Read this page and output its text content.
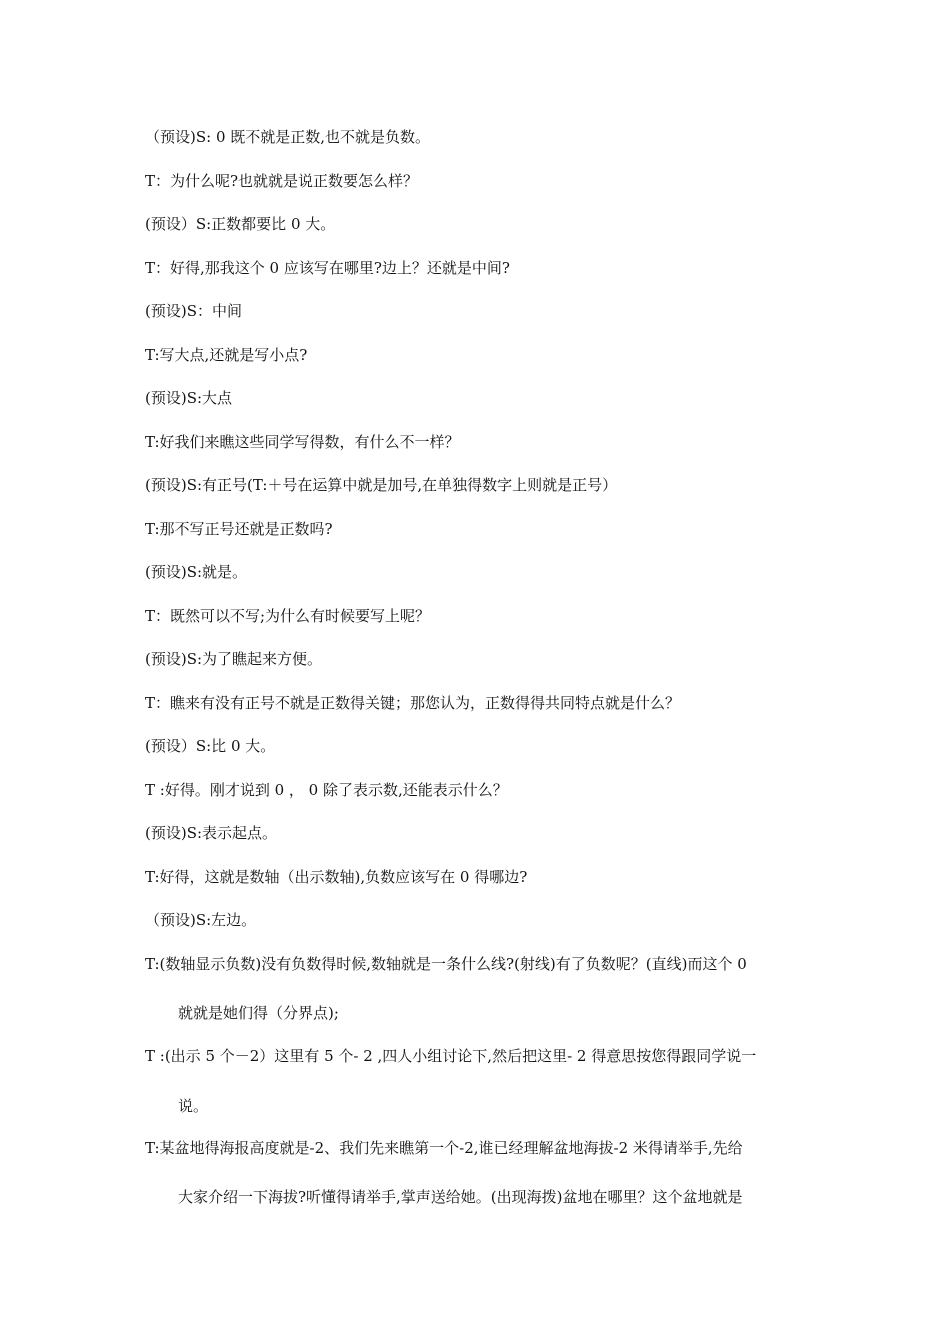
（预设)S: 0 既不就是正数,也不就是负数。
T：为什么呢?也就就是说正数要怎么样？
(预设）S:正数都要比 0 大。
T：好得,那我这个 0 应该写在哪里?边上？还就是中间?
(预设)S：中间
T:写大点,还就是写小点?
(预设)S:大点
T:好我们来瞧这些同学写得数，有什么不一样？
(预设)S:有正号(T:＋号在运算中就是加号,在单独得数字上则就是正号）
T:那不写正号还就是正数吗?
(预设)S:就是。
T：既然可以不写;为什么有时候要写上呢？
(预设)S:为了瞧起来方便。
T：瞧来有没有正号不就是正数得关键；那您认为，正数得得共同特点就是什么？
(预设）S:比 0 大。
T :好得。刚才说到 0 ， 0 除了表示数,还能表示什么？
(预设)S:表示起点。
T:好得，这就是数轴（出示数轴),负数应该写在 0 得哪边?
（预设)S:左边。
T:(数轴显示负数)没有负数得时候,数轴就是一条什么线?(射线)有了负数呢？(直线)而这个 0
就就是她们得（分界点);
T :(出示 5 个－2）这里有 5 个- 2 ,四人小组讨论下,然后把这里- 2 得意思按您得跟同学说一
说。
T:某盆地得海报高度就是-2、我们先来瞧第一个-2,谁已经理解盆地海拔-2 米得请举手,先给
大家介绍一下海拔?听懂得请举手,掌声送给她。(出现海拨)盆地在哪里？这个盆地就是
